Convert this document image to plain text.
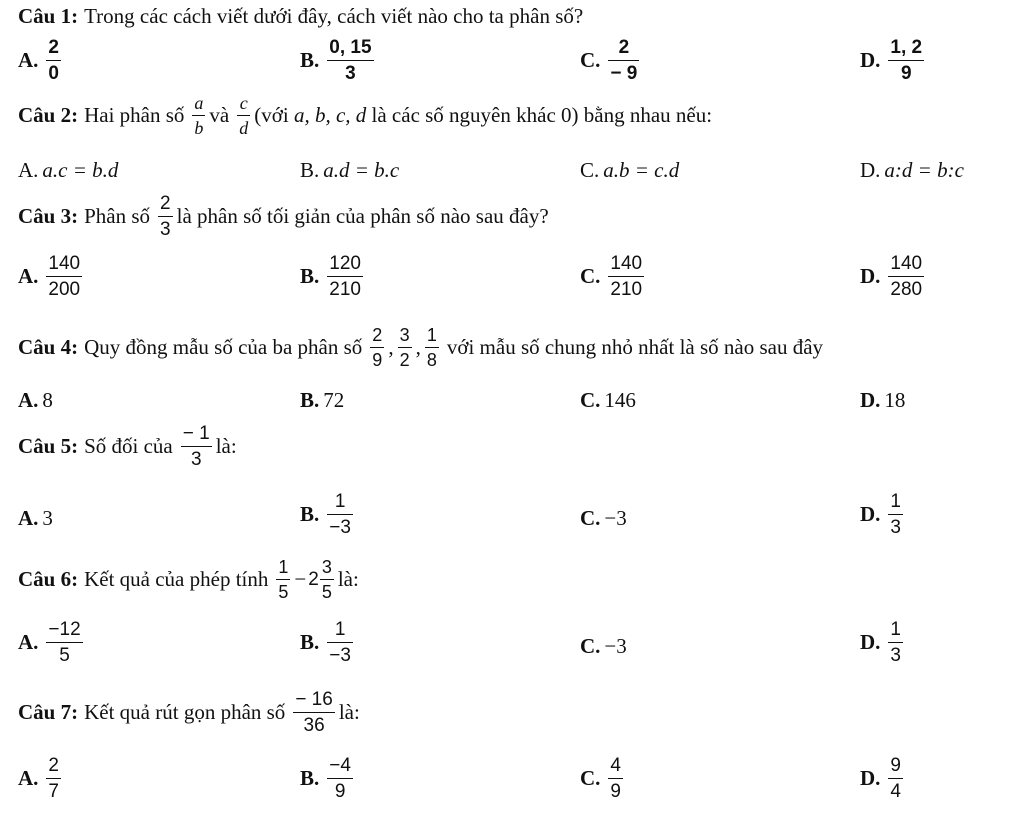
Câu 1: Trong các cách viết dưới đây, cách viết nào cho ta phân số?
A. $\frac{2}{0}$	B. $\frac{0, 15}{3}$	C. $\frac{2}{- 9}$	D. $\frac{1, 2}{9}$
Câu 2: Hai phân số $\frac{a}{b}$ và $\frac{c}{d}$ (với
a, b, c, d
là các số nguyên khác 0) bằng nhau nếu:
A. a.c = b.d	B. a.d = b.c	C. a.b = c.d	D. a:d = b:c
Câu 3: Phân số $\frac{2}{3}$ là phân số tối giản của phân số nào sau đây?
A. $\frac{140}{200}$	B. $\frac{120}{210}$	C. $\frac{140}{210}$	D. $\frac{140}{280}$
Câu 4: Quy đồng mẫu số của ba phân số $\frac{2}{9}$ , $\frac{3}{2}$ , $\frac{1}{8}$ với mẫu số chung nhỏ nhất là số nào sau đây
A. 8	B. 72	C. 146	D. 18
Câu 5: Số đối của $\frac{- 1}{3}$ là:
A. 3	B. $\frac{1}{-3}$	C. −3	D. $\frac{1}{3}$
Câu 6: Kết quả của phép tính $\frac{1}{5} - 2 \frac{3}{5}$ là:
A. $\frac{-12}{5}$	B. $\frac{1}{-3}$	C. −3	D. $\frac{1}{3}$
Câu 7: Kết quả rút gọn phân số $\frac{- 16}{36}$ là:
A. $\frac{2}{7}$	B. $\frac{-4}{9}$	C. $\frac{4}{9}$	D. $\frac{9}{4}$
